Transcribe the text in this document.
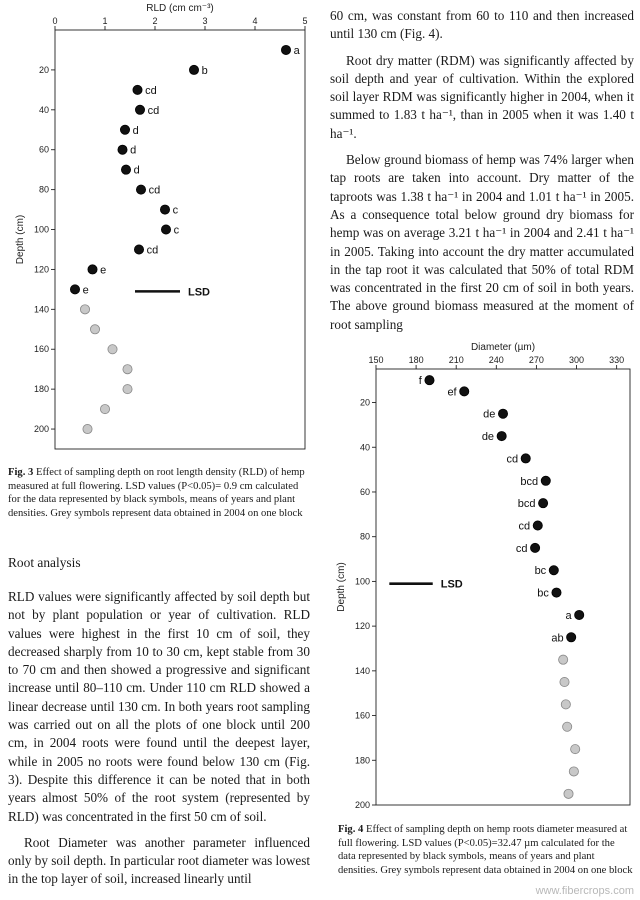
RLD (cm cm⁻³)
0	1	2	3	4	5
20
40
60
80
100
120
140
160
180
200
Depth (cm)
LSD
a
b
cd
cd
d
d
d
cd
c
c
cd
e
e

Fig. 3 Effect of sampling depth on root length density (RLD) of hemp measured at full flowering. LSD values (P<0.05)= 0.9 cm calculated for the data represented by black symbols, means of years and plant densities. Grey symbols represent data obtained in 2004 on one block

Root analysis

RLD values were significantly affected by soil depth but not by plant population or year of cultivation. RLD values were highest in the first 10 cm of soil, they decreased sharply from 10 to 30 cm, kept stable from 30 to 70 cm and then showed a progressive and significant increase until 80–110 cm. Under 110 cm RLD showed a linear decrease until 130 cm. In both years root sampling was carried out on all the plots of one block until 200 cm, in 2004 roots were found until the deepest layer, while in 2005 no roots were found below 130 cm (Fig. 3). Despite this difference it can be noted that in both years almost 50% of the root system (represented by RLD) was concentrated in the first 50 cm of soil.

Root Diameter was another parameter influenced only by soil depth. In particular root diameter was lowest in the top layer of soil, increased linearly until

60 cm, was constant from 60 to 110 and then increased until 130 cm (Fig. 4).

Root dry matter (RDM) was significantly affected by soil depth and year of cultivation. Within the explored soil layer RDM was significantly higher in 2004, when it summed to 1.83 t ha⁻¹, than in 2005 when it was 1.40 t ha⁻¹.

Below ground biomass of hemp was 74% larger when tap roots are taken into account. Dry matter of the taproots was 1.38 t ha⁻¹ in 2004 and 1.01 t ha⁻¹ in 2005. As a consequence total below ground dry biomass for hemp was on average 3.21 t ha⁻¹ in 2004 and 2.41 t ha⁻¹ in 2005. Taking into account the dry matter accumulated in the tap root it was calculated that 50% of total RDM was concentrated in the first 20 cm of soil in both years. The above ground biomass measured at the moment of root sampling

Diameter (µm)
150	180	210	240	270	300	330
20
40
60
80
100
120
140
160
180
200
Depth (cm)	LSD
f
ef
de
de
cd
bcd
bcd
cd
cd
bc
bc
a
ab

Fig. 4 Effect of sampling depth on hemp roots diameter measured at full flowering. LSD values (P<0.05)=32.47 µm calculated for the data represented by black symbols, means of years and plant densities. Grey symbols represent data obtained in 2004 on one block

www.fibercrops.com
